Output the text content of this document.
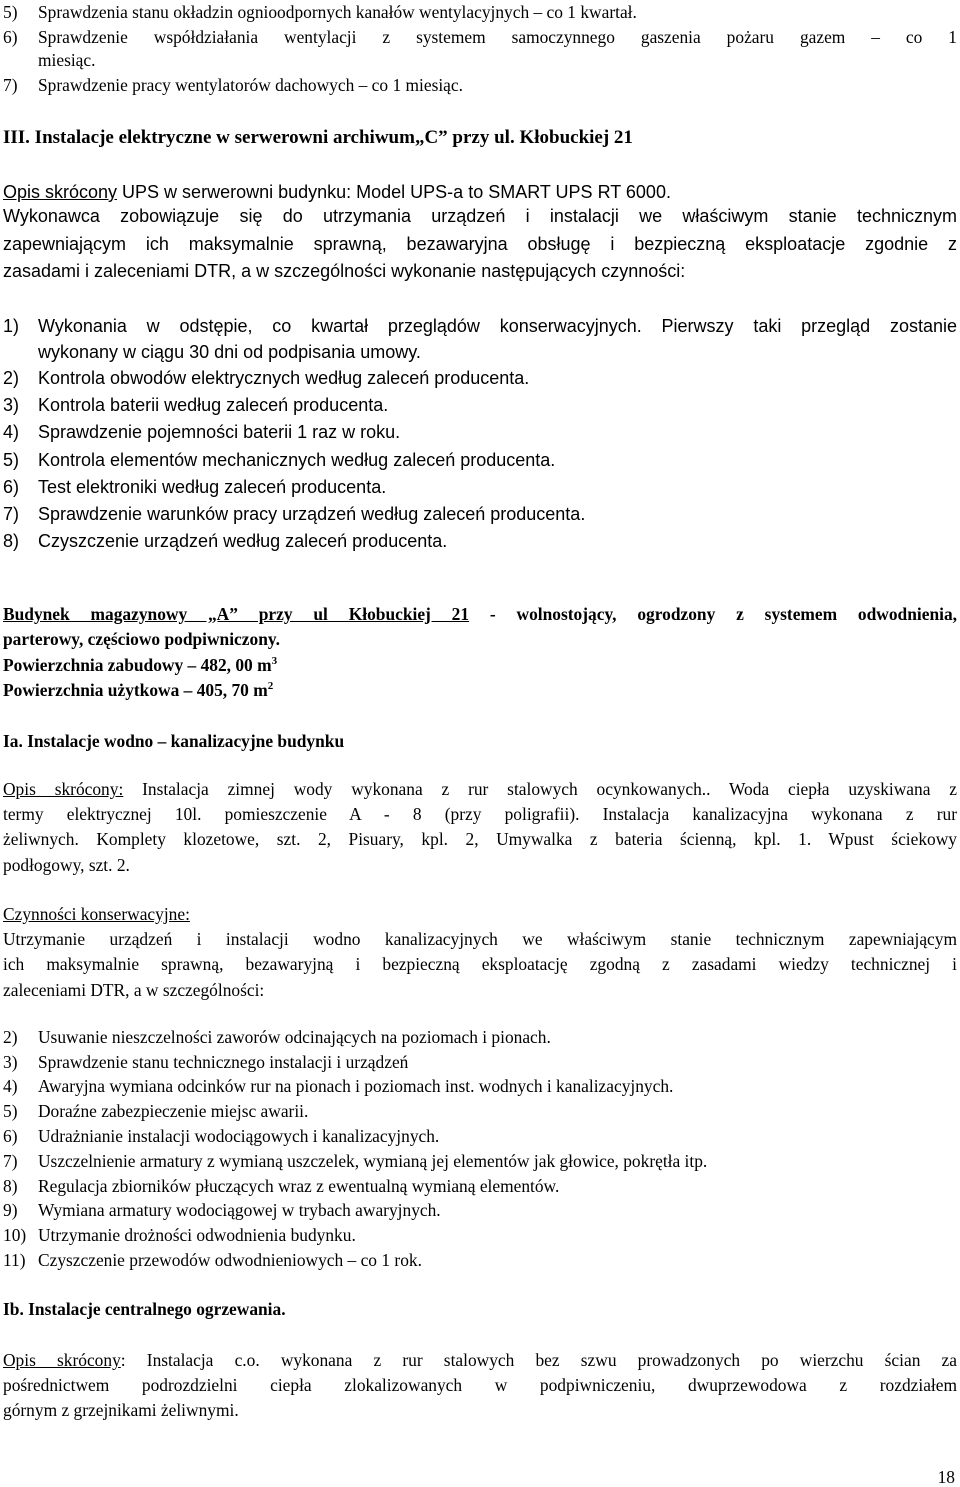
5) Sprawdzenia stanu okładzin ognioodpornych kanałów wentylacyjnych – co 1 kwartał.
6) Sprawdzenie współdziałania wentylacji z systemem samoczynnego gaszenia pożaru gazem – co 1
miesiąc.
7) Sprawdzenie pracy wentylatorów dachowych – co 1 miesiąc.
III. Instalacje elektryczne w serwerowni archiwum„C” przy ul. Kłobuckiej 21
Opis skrócony UPS w serwerowni budynku: Model UPS-a to SMART UPS RT 6000.
Wykonawca zobowiązuje się do utrzymania urządzeń i instalacji we właściwym stanie technicznym
zapewniającym ich maksymalnie sprawną, bezawaryjna obsługę i bezpieczną eksploatacje zgodnie z
zasadami i zaleceniami DTR, a w szczególności wykonanie następujących czynności:
1) Wykonania w odstępie, co kwartał przeglądów konserwacyjnych. Pierwszy taki przegląd zostanie
wykonany w ciągu 30 dni od podpisania umowy.
2) Kontrola obwodów elektrycznych według zaleceń producenta.
3) Kontrola baterii według zaleceń producenta.
4) Sprawdzenie pojemności baterii 1 raz w roku.
5) Kontrola elementów mechanicznych według zaleceń producenta.
6) Test elektroniki według zaleceń producenta.
7) Sprawdzenie warunków pracy urządzeń według zaleceń producenta.
8) Czyszczenie urządzeń według zaleceń producenta.
Budynek magazynowy „A” przy ul Kłobuckiej 21 - wolnostojący, ogrodzony z systemem odwodnienia,
parterowy, częściowo podpiwniczony.
Powierzchnia zabudowy – 482, 00 $m^3$
Powierzchnia użytkowa – 405, 70 $m^2$
Ia. Instalacje wodno – kanalizacyjne budynku
Opis skrócony: Instalacja zimnej wody wykonana z rur stalowych ocynkowanych.. Woda ciepła uzyskiwana z
termy elektrycznej 10l. pomieszczenie A - 8 (przy poligrafii). Instalacja kanalizacyjna wykonana z rur
żeliwnych. Komplety klozetowe, szt. 2, Pisuary, kpl. 2, Umywalka z bateria ścienną, kpl. 1. Wpust ściekowy
podłogowy, szt. 2.
Czynności konserwacyjne:
Utrzymanie urządzeń i instalacji wodno kanalizacyjnych we właściwym stanie technicznym zapewniającym
ich maksymalnie sprawną, bezawaryjną i bezpieczną eksploatację zgodną z zasadami wiedzy technicznej i
zaleceniami DTR, a w szczególności:
2) Usuwanie nieszczelności zaworów odcinających na poziomach i pionach.
3) Sprawdzenie stanu technicznego instalacji i urządzeń
4) Awaryjna wymiana odcinków rur na pionach i poziomach inst. wodnych i kanalizacyjnych.
5) Doraźne zabezpieczenie miejsc awarii.
6) Udrażnianie instalacji wodociągowych i kanalizacyjnych.
7) Uszczelnienie armatury z wymianą uszczelek, wymianą jej elementów jak głowice, pokrętła itp.
8) Regulacja zbiorników płuczących wraz z ewentualną wymianą elementów.
9) Wymiana armatury wodociągowej w trybach awaryjnych.
10) Utrzymanie drożności odwodnienia budynku.
11) Czyszczenie przewodów odwodnieniowych – co 1 rok.
Ib. Instalacje centralnego ogrzewania.
Opis skrócony: Instalacja c.o. wykonana z rur stalowych bez szwu prowadzonych po wierzchu ścian za
pośrednictwem podrozdzielni ciepła zlokalizowanych w podpiwniczeniu, dwuprzewodowa z rozdziałem
górnym z grzejnikami żeliwnymi.
18
